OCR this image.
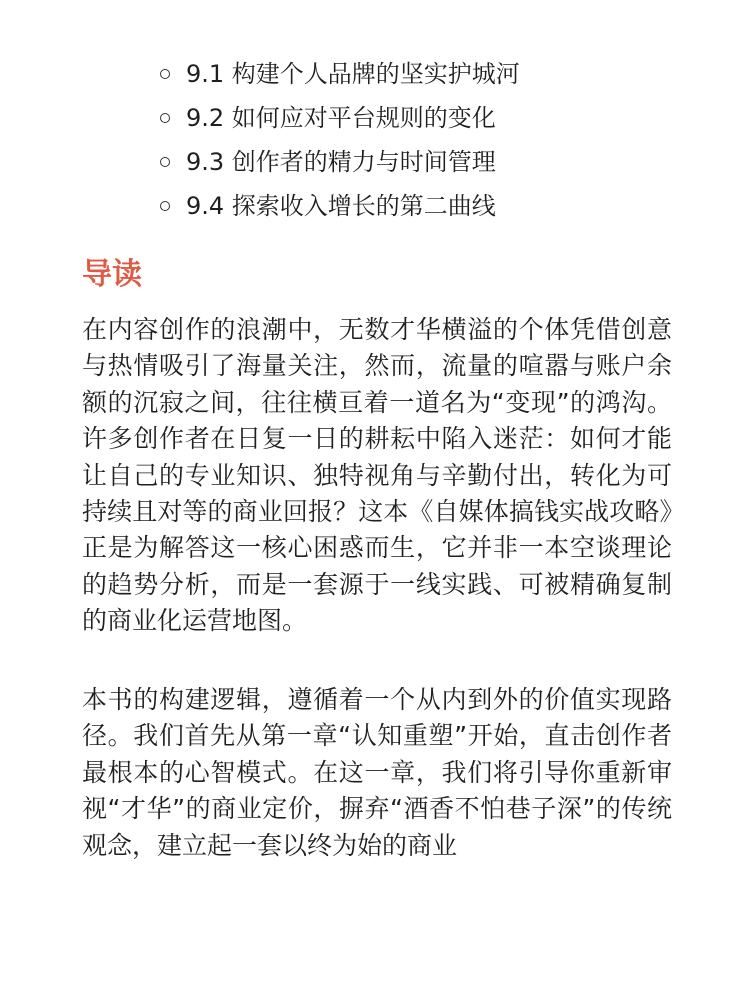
9.1 构建个人品牌的坚实护城河
9.2 如何应对平台规则的变化
9.3 创作者的精力与时间管理
9.4 探索收入增长的第二曲线
导读

在内容创作的浪潮中，无数才华横溢的个体凭借创意与热情吸引了海量关注，然而，流量的喧嚣与账户余额的沉寂之间，往往横亘着一道名为“变现”的鸿沟。许多创作者在日复一日的耕耘中陷入迷茫：如何才能让自己的专业知识、独特视角与辛勤付出，转化为可持续且对等的商业回报？这本《自媒体搞钱实战攻略》正是为解答这一核心困惑而生，它并非一本空谈理论的趋势分析，而是一套源于一线实践、可被精确复制的商业化运营地图。

本书的构建逻辑，遵循着一个从内到外的价值实现路径。我们首先从第一章“认知重塑”开始，直击创作者最根本的心智模式。在这一章，我们将引导你重新审视“才华”的商业定价，摒弃“酒香不怕巷子深”的传统观念，建立起一套以终为始的商业
